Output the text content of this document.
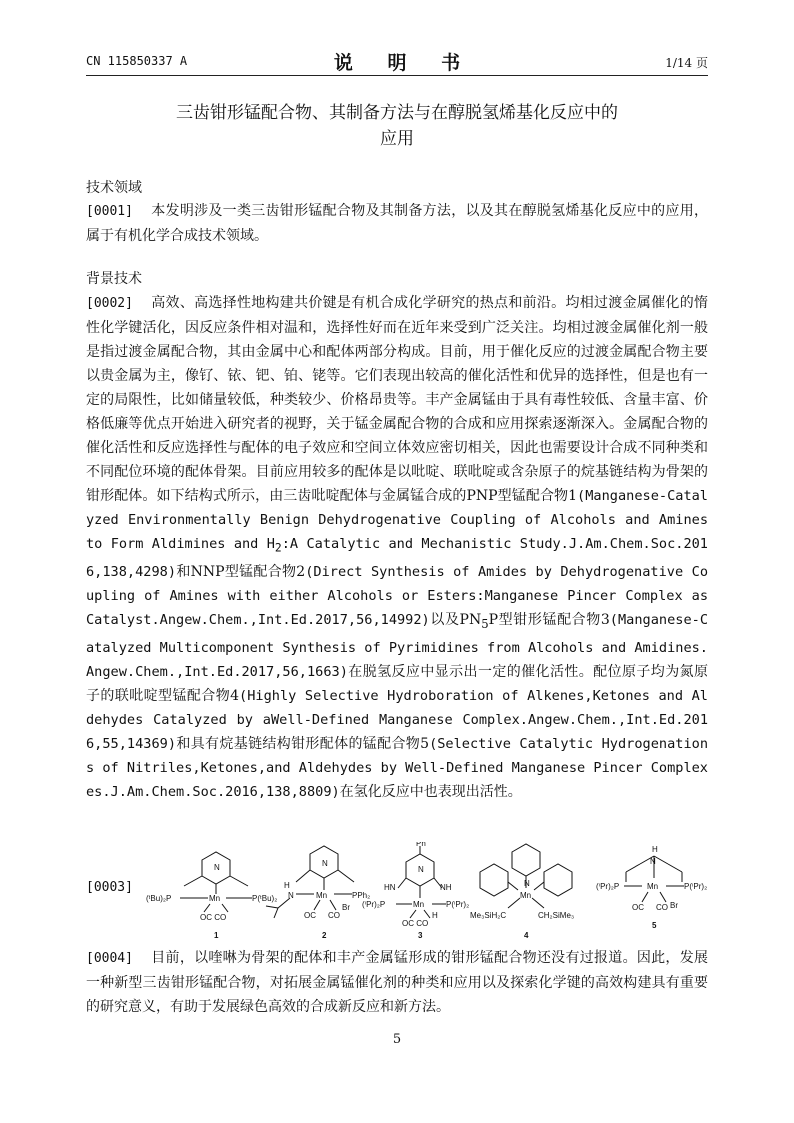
CN 115850337 A	说 明 书	1/14 页
三齿钳形锰配合物、其制备方法与在醇脱氢烯基化反应中的
应用
技术领域
[0001] 本发明涉及一类三齿钳形锰配合物及其制备方法，以及其在醇脱氢烯基化反应中的应用，属于有机化学合成技术领域。
背景技术
[0002] 高效、高选择性地构建共价键是有机合成化学研究的热点和前沿。均相过渡金属催化的惰性化学键活化，因反应条件相对温和，选择性好而在近年来受到广泛关注。均相过渡金属催化剂一般是指过渡金属配合物，其由金属中心和配体两部分构成。目前，用于催化反应的过渡金属配合物主要以贵金属为主，像钌、铱、钯、铂、铑等。它们表现出较高的催化活性和优异的选择性，但是也有一定的局限性，比如储量较低，种类较少、价格昂贵等。丰产金属锰由于具有毒性较低、含量丰富、价格低廉等优点开始进入研究者的视野，关于锰金属配合物的合成和应用探索逐渐深入。金属配合物的催化活性和反应选择性与配体的电子效应和空间立体效应密切相关，因此也需要设计合成不同种类和不同配位环境的配体骨架。目前应用较多的配体是以吡啶、联吡啶或含杂原子的烷基链结构为骨架的钳形配体。如下结构式所示，由三齿吡啶配体与金属锰合成的PNP型锰配合物1(Manganese-Catalyzed Environmentally Benign Dehydrogenative Coupling of Alcohols and Amines to Form Aldimines and $H_2:A$ Catalytic and Mechanistic Study.J.Am.Chem.Soc.2016,138,4298)和NNP型锰配合物2(Direct Synthesis of Amides by Dehydrogenative Coupling of Amines with either Alcohols or Esters:Manganese Pincer Complex as Catalyst.Angew.Chem.,Int.Ed.2017,56,14992)以及$PN_5P$型钳形锰配合物3(Manganese-Catalyzed Multicomponent Synthesis of Pyrimidines from Alcohols and Amidines.Angew.Chem.,Int.Ed.2017,56,1663)在脱氢反应中显示出一定的催化活性。配位原子均为氮原子的联吡啶型锰配合物4(Highly Selective Hydroboration of Alkenes,Ketones and Aldehydes Catalyzed by aWell-Defined Manganese Complex.Angew.Chem.,Int.Ed.2016,55,14369)和具有烷基链结构钳形配体的锰配合物5(Selective Catalytic Hydrogenations of Nitriles,Ketones,and Aldehydes by Well-Defined Manganese Pincer Complexes.J.Am.Chem.Soc.2016,138,8809)在氢化反应中也表现出活性。
[0003]
N
(ᵗBu)₂P	Mn	P(ᵗBu)₂
OC CO
1
H
N
N
Mn	PPh₂
OC CO
Br
2
Ph
N
HN	NH
(ⁱPr)₂P	Mn	P(ⁱPr)₂
OC CO
H
3
N
Mn
Me₃SiH₂C	CH₂SiMe₃
4
H
N
(ⁱPr)₂P	Mn	P(ⁱPr)₂
OC CO Br
5
[0004] 目前，以喹啉为骨架的配体和丰产金属锰形成的钳形锰配合物还没有过报道。因此，发展一种新型三齿钳形锰配合物，对拓展金属锰催化剂的种类和应用以及探索化学键的高效构建具有重要的研究意义，有助于发展绿色高效的合成新反应和新方法。
5
